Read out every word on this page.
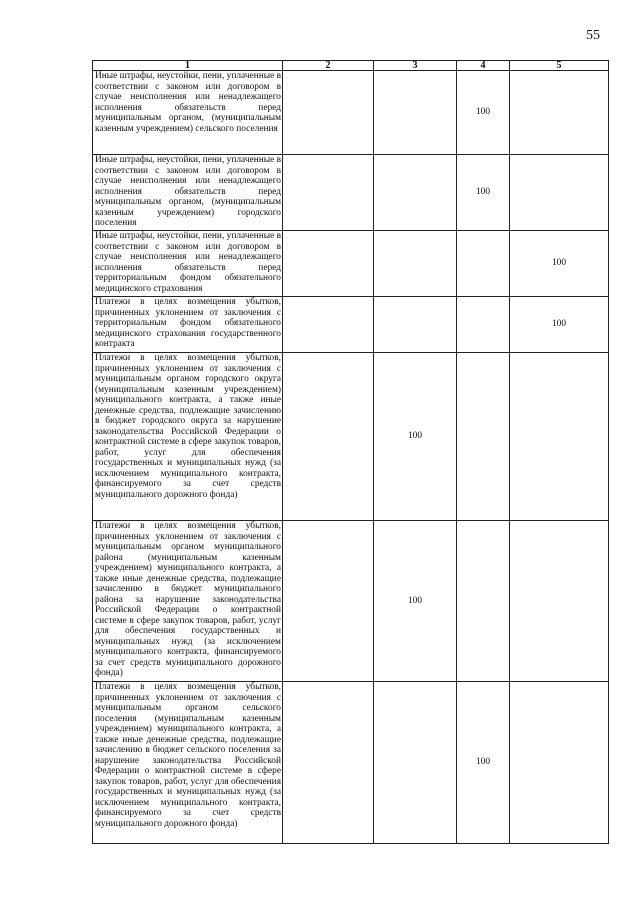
55
1	2	3	4	5
Иные штрафы, неустойки, пени, уплаченные в соответствии с законом или договором в случае неисполнения или ненадлежащего исполнения обязательств перед муниципальным органом, (муниципальным казенным учреждением) сельского поселения			100	
Иные штрафы, неустойки, пени, уплаченные в соответствии с законом или договором в случае неисполнения или ненадлежащего исполнения обязательств перед муниципальным органом, (муниципальным казенным учреждением) городского поселения			100	
Иные штрафы, неустойки, пени, уплаченные в соответствии с законом или договором в случае неисполнения или ненадлежащего исполнения обязательств перед территориальным фондом обязательного медицинского страхования				100
Платежи в целях возмещения убытков, причиненных уклонением от заключения с территориальным фондом обязательного медицинского страхования государственного контракта				100
Платежи в целях возмещения убытков, причиненных уклонением от заключения с муниципальным органом городского округа (муниципальным казенным учреждением) муниципального контракта, а также иные денежные средства, подлежащие зачислению в бюджет городского округа за нарушение законодательства Российской Федерации о контрактной системе в сфере закупок товаров, работ, услуг для обеспечения государственных и муниципальных нужд (за исключением муниципального контракта, финансируемого за счет средств муниципального дорожного фонда)		100		
Платежи в целях возмещения убытков, причиненных уклонением от заключения с муниципальным органом муниципального района (муниципальным казенным учреждением) муниципального контракта, а также иные денежные средства, подлежащие зачислению в бюджет муниципального района за нарушение законодательства Российской Федерации о контрактной системе в сфере закупок товаров, работ, услуг для обеспечения государственных и муниципальных нужд (за исключением муниципального контракта, финансируемого за счет средств муниципального дорожного фонда)		100		
Платежи в целях возмещения убытков, причиненных уклонением от заключения с муниципальным органом сельского поселения (муниципальным казенным учреждением) муниципального контракта, а также иные денежные средства, подлежащие зачислению в бюджет сельского поселения за нарушение законодательства Российской Федерации о контрактной системе в сфере закупок товаров, работ, услуг для обеспечения государственных и муниципальных нужд (за исключением муниципального контракта, финансируемого за счет средств муниципального дорожного фонда)			100	
